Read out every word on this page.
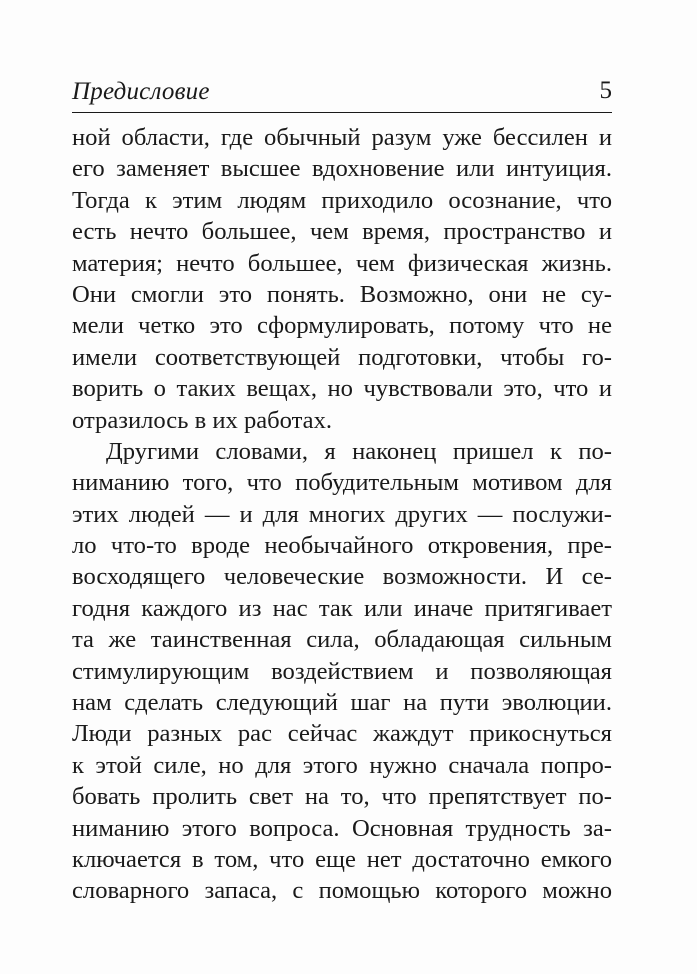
Предисловие	5
ной области, где обычный разум уже бессилен и
его заменяет высшее вдохновение или интуиция.
Тогда к этим людям приходило осознание, что
есть нечто большее, чем время, пространство и
материя; нечто большее, чем физическая жизнь.
Они смогли это понять. Возможно, они не су-
мели четко это сформулировать, потому что не
имели соответствующей подготовки, чтобы го-
ворить о таких вещах, но чувствовали это, что и
отразилось в их работах.
Другими словами, я наконец пришел к по-
ниманию того, что побудительным мотивом для
этих людей — и для многих других — послужи-
ло что-то вроде необычайного откровения, пре-
восходящего человеческие возможности. И се-
годня каждого из нас так или иначе притягивает
та же таинственная сила, обладающая сильным
стимулирующим воздействием и позволяющая
нам сделать следующий шаг на пути эволюции.
Люди разных рас сейчас жаждут прикоснуться
к этой силе, но для этого нужно сначала попро-
бовать пролить свет на то, что препятствует по-
ниманию этого вопроса. Основная трудность за-
ключается в том, что еще нет достаточно емкого
словарного запаса, с помощью которого можно
